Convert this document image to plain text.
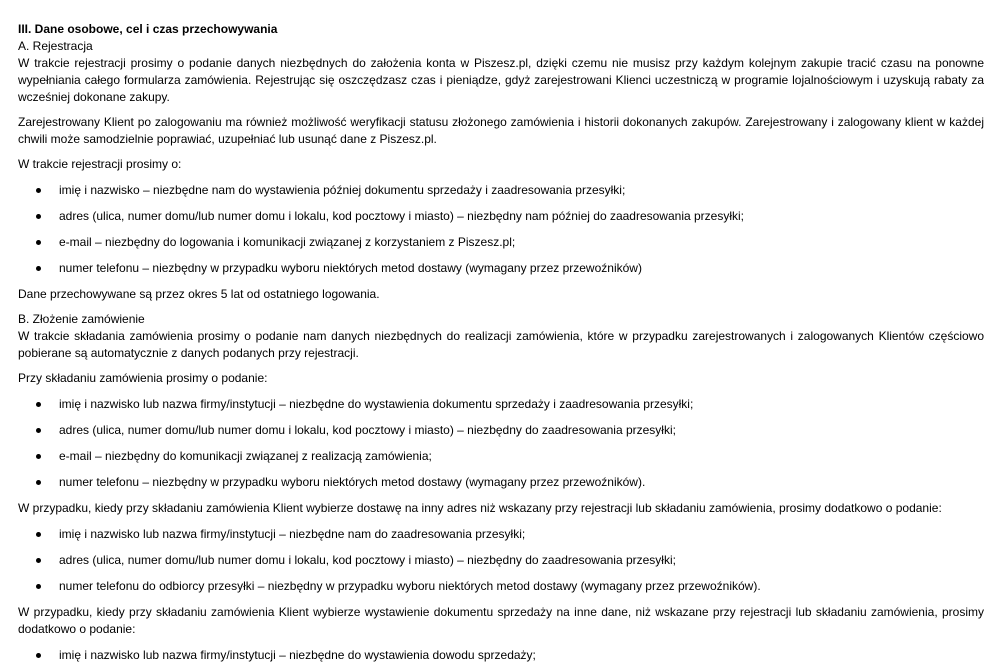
III. Dane osobowe, cel i czas przechowywania
A. Rejestracja

W trakcie rejestracji prosimy o podanie danych niezbędnych do założenia konta w Piszesz.pl, dzięki czemu nie musisz przy każdym kolejnym zakupie tracić czasu na ponowne wypełniania całego formularza zamówienia. Rejestrując się oszczędzasz czas i pieniądze, gdyż zarejestrowani Klienci uczestniczą w programie lojalnościowym i uzyskują rabaty za wcześniej dokonane zakupy.

Zarejestrowany Klient po zalogowaniu ma również możliwość weryfikacji statusu złożonego zamówienia i historii dokonanych zakupów. Zarejestrowany i zalogowany klient w każdej chwili może samodzielnie poprawiać, uzupełniać lub usunąć dane z Piszesz.pl.

W trakcie rejestracji prosimy o:

imię i nazwisko – niezbędne nam do wystawienia później dokumentu sprzedaży i zaadresowania przesyłki;
adres (ulica, numer domu/lub numer domu i lokalu, kod pocztowy i miasto) – niezbędny nam później do zaadresowania przesyłki;
e-mail – niezbędny do logowania i komunikacji związanej z korzystaniem z Piszesz.pl;
numer telefonu – niezbędny w przypadku wyboru niektórych metod dostawy (wymagany przez przewoźników)

Dane przechowywane są przez okres 5 lat od ostatniego logowania.

B. Złożenie zamówienie

W trakcie składania zamówienia prosimy o podanie nam danych niezbędnych do realizacji zamówienia, które w przypadku zarejestrowanych i zalogowanych Klientów częściowo pobierane są automatycznie z danych podanych przy rejestracji.

Przy składaniu zamówienia prosimy o podanie:

imię i nazwisko lub nazwa firmy/instytucji – niezbędne do wystawienia dokumentu sprzedaży i zaadresowania przesyłki;
adres (ulica, numer domu/lub numer domu i lokalu, kod pocztowy i miasto) – niezbędny do zaadresowania przesyłki;
e-mail – niezbędny do komunikacji związanej z realizacją zamówienia;
numer telefonu – niezbędny w przypadku wyboru niektórych metod dostawy (wymagany przez przewoźników).

W przypadku, kiedy przy składaniu zamówienia Klient wybierze dostawę na inny adres niż wskazany przy rejestracji lub składaniu zamówienia, prosimy dodatkowo o podanie:

imię i nazwisko lub nazwa firmy/instytucji – niezbędne nam do zaadresowania przesyłki;
adres (ulica, numer domu/lub numer domu i lokalu, kod pocztowy i miasto) – niezbędny do zaadresowania przesyłki;
numer telefonu do odbiorcy przesyłki – niezbędny w przypadku wyboru niektórych metod dostawy (wymagany przez przewoźników).

W przypadku, kiedy przy składaniu zamówienia Klient wybierze wystawienie dokumentu sprzedaży na inne dane, niż wskazane przy rejestracji lub składaniu zamówienia, prosimy dodatkowo o podanie:

imię i nazwisko lub nazwa firmy/instytucji – niezbędne do wystawienia dowodu sprzedaży;
